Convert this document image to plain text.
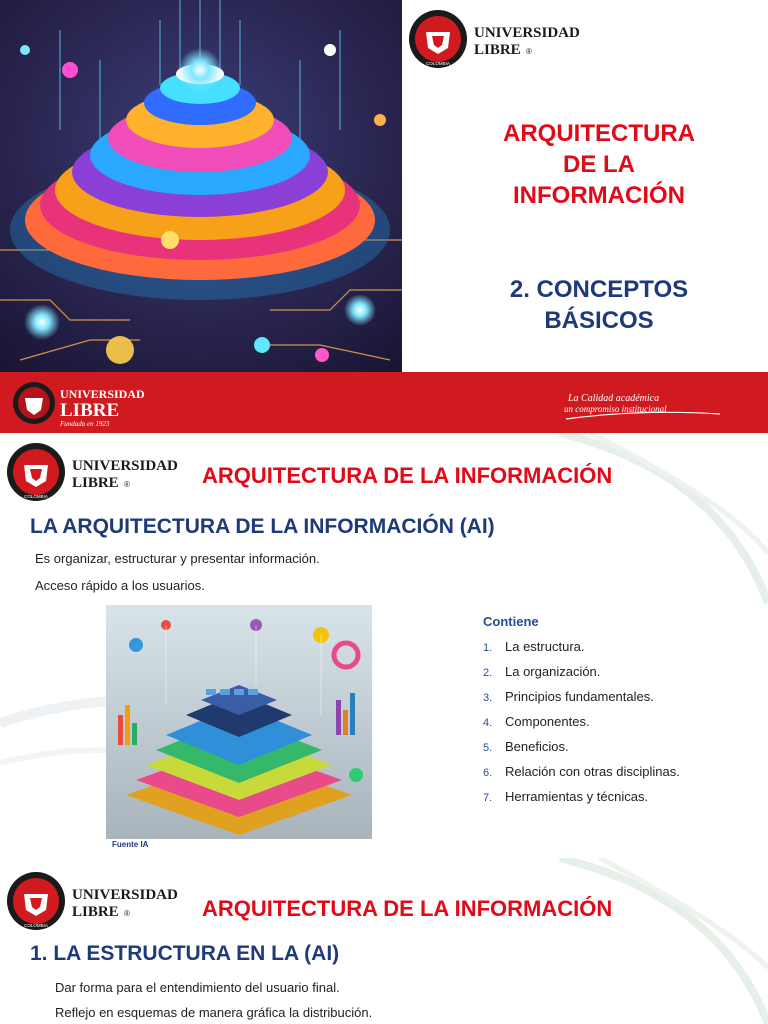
COLOMBIA
UNIVERSIDAD
LIBRE ®
ARQUITECTURA
DE LA
INFORMACIÓN
2. CONCEPTOS
BÁSICOS
UNIVERSIDAD
LIBRE
Fundada en 1923
La Calidad académica
un compromiso institucional
COLOMBIA
UNIVERSIDAD
LIBRE ®	ARQUITECTURA DE LA INFORMACIÓN
LA ARQUITECTURA DE LA INFORMACIÓN (AI)
Es organizar, estructurar y presentar información.
Acceso rápido a los usuarios.
Fuente IA
Contiene
1. La estructura.
2. La organización.
3. Principios fundamentales.
4. Componentes.
5. Beneficios.
6. Relación con otras disciplinas.
7. Herramientas y técnicas.
COLOMBIA
UNIVERSIDAD
LIBRE ®	ARQUITECTURA DE LA INFORMACIÓN
1. LA ESTRUCTURA EN LA (AI)
Dar forma para el entendimiento del usuario final.
Reflejo en esquemas de manera gráfica la distribución.
